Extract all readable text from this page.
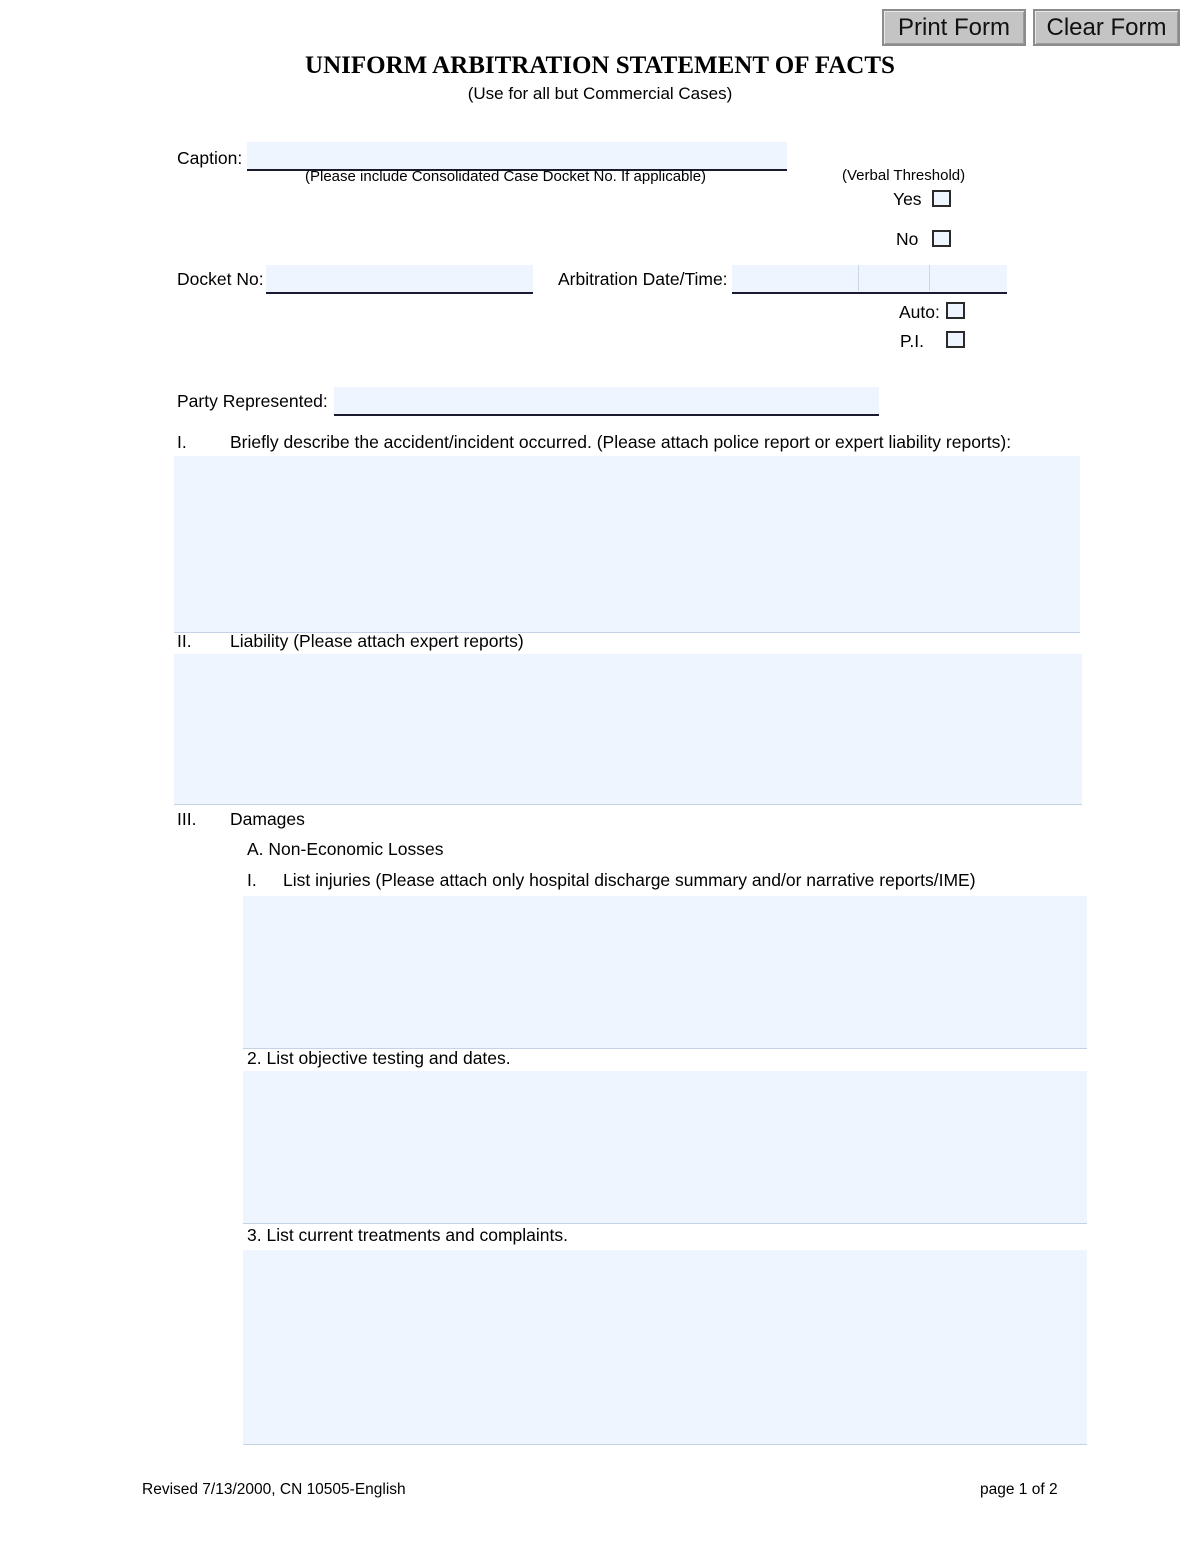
Print Form	Clear Form
UNIFORM ARBITRATION STATEMENT OF FACTS
(Use for all but Commercial Cases)
Caption:
(Please include Consolidated Case Docket No. If applicable)	(Verbal Threshold)
Yes
No
Docket No:	Arbitration Date/Time:
Auto:
P.I.
Party Represented:
I. Briefly describe the accident/incident occurred. (Please attach police report or expert liability reports):
II. Liability (Please attach expert reports)
III. Damages
A. Non-Economic Losses
I. List injuries (Please attach only hospital discharge summary and/or narrative reports/IME)
2. List objective testing and dates.
3. List current treatments and complaints.
Revised 7/13/2000, CN 10505-English	page 1 of 2
